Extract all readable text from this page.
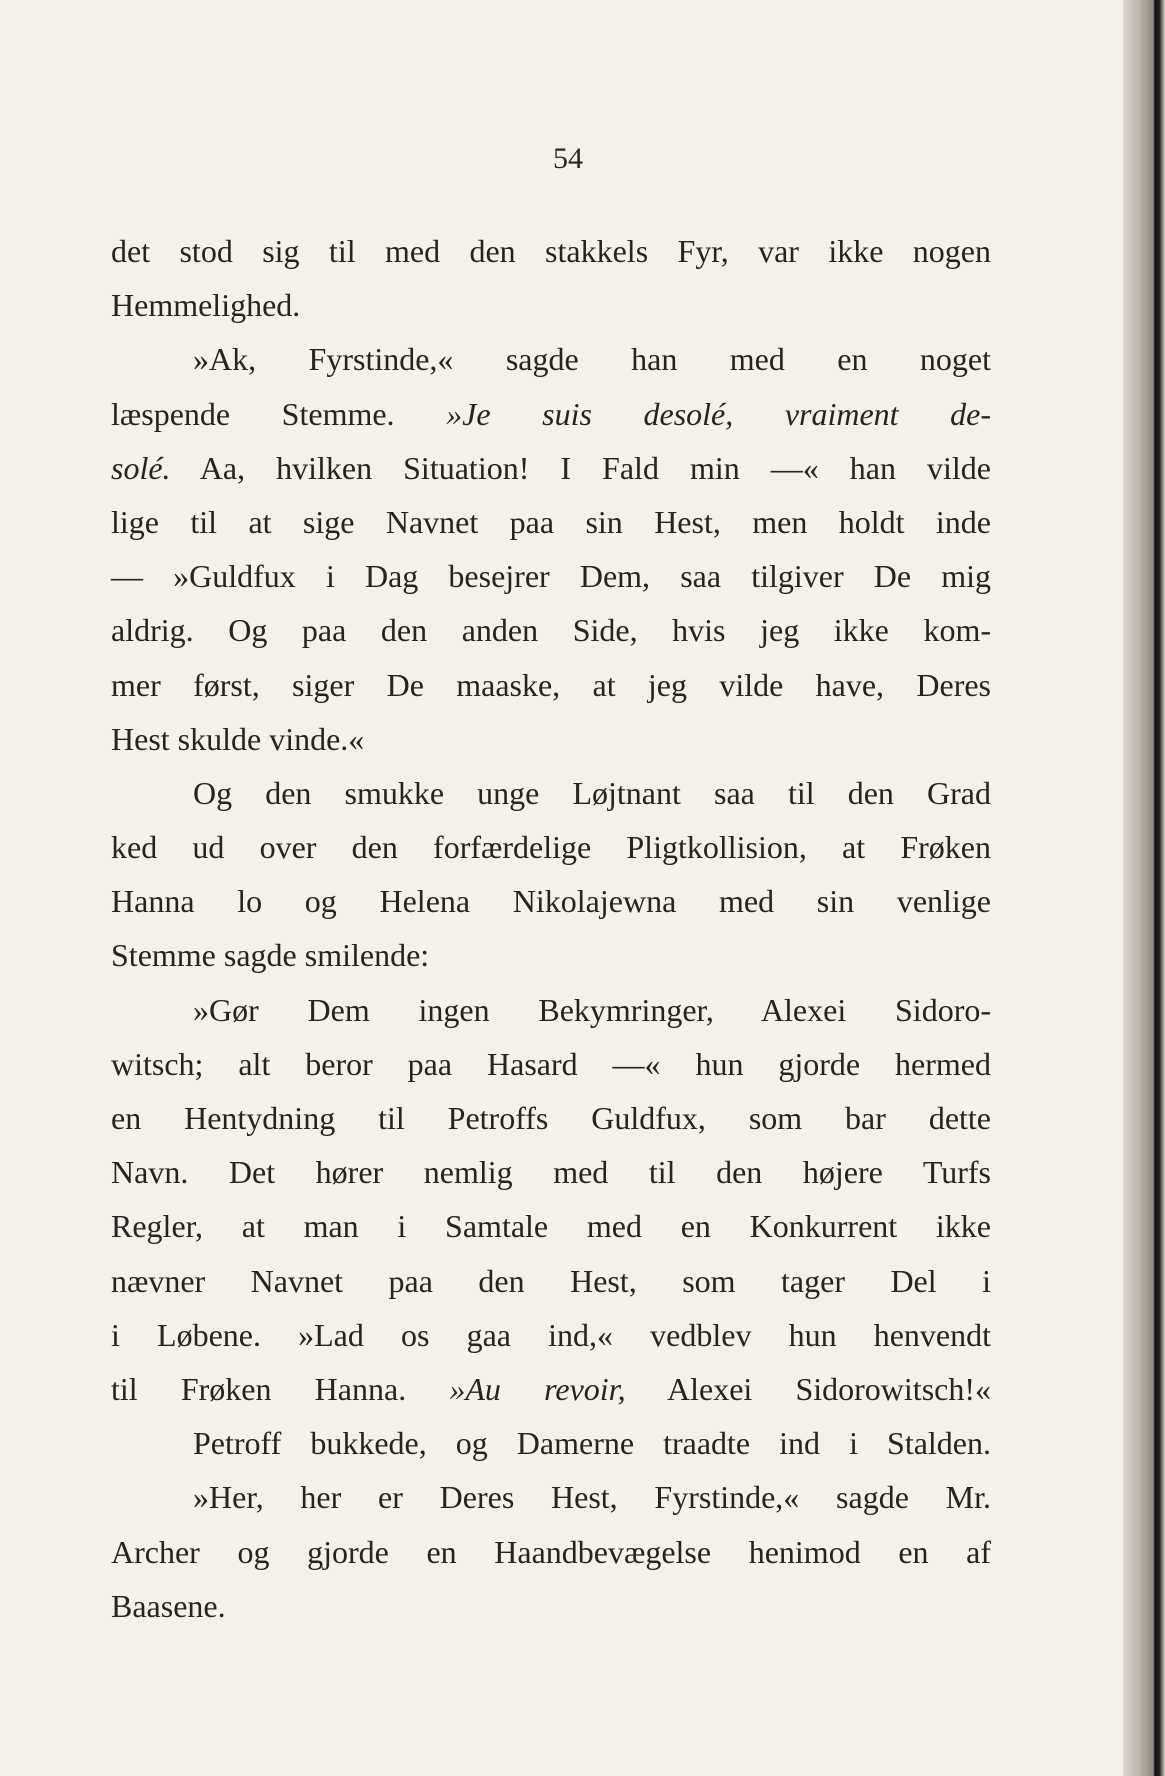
54
det stod sig til med den stakkels Fyr, var ikke nogen
Hemmelighed.
»Ak, Fyrstinde,« sagde han med en noget
læspende Stemme. »Je suis desolé, vraiment de-
solé. Aa, hvilken Situation! I Fald min —« han vilde
lige til at sige Navnet paa sin Hest, men holdt inde
— »Guldfux i Dag besejrer Dem, saa tilgiver De mig
aldrig. Og paa den anden Side, hvis jeg ikke kom-
mer først, siger De maaske, at jeg vilde have, Deres
Hest skulde vinde.«
Og den smukke unge Løjtnant saa til den Grad
ked ud over den forfærdelige Pligtkollision, at Frøken
Hanna lo og Helena Nikolajewna med sin venlige
Stemme sagde smilende:
»Gør Dem ingen Bekymringer, Alexei Sidoro-
witsch; alt beror paa Hasard —« hun gjorde hermed
en Hentydning til Petroffs Guldfux, som bar dette
Navn. Det hører nemlig med til den højere Turfs
Regler, at man i Samtale med en Konkurrent ikke
nævner Navnet paa den Hest, som tager Del i
i Løbene. »Lad os gaa ind,« vedblev hun henvendt
til Frøken Hanna. »Au revoir, Alexei Sidorowitsch!«
Petroff bukkede, og Damerne traadte ind i Stalden.
»Her, her er Deres Hest, Fyrstinde,« sagde Mr.
Archer og gjorde en Haandbevægelse henimod en af
Baasene.
